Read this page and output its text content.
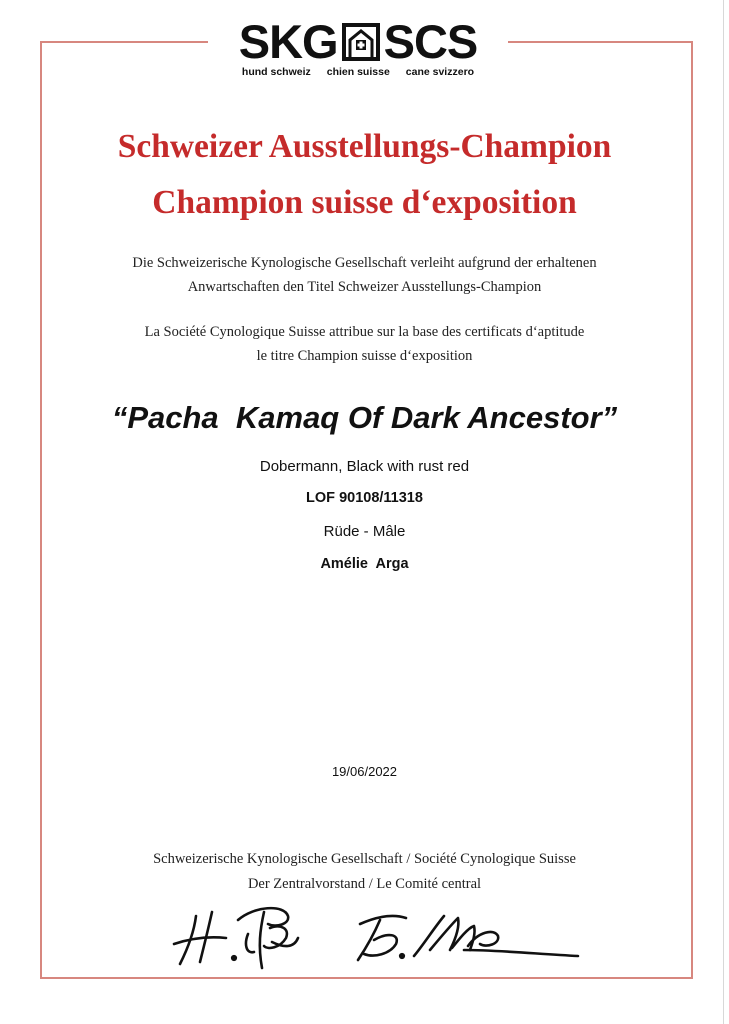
SKG SCS
hund schweiz chien suisse cane svizzero
Schweizer Ausstellungs-Champion
Champion suisse d‘exposition
Die Schweizerische Kynologische Gesellschaft verleiht aufgrund der erhaltenen
Anwartschaften den Titel Schweizer Ausstellungs-Champion
La Société Cynologique Suisse attribue sur la base des certificats d‘aptitude
le titre Champion suisse d‘exposition
“Pacha  Kamaq Of Dark Ancestor”
Dobermann, Black with rust red
LOF 90108/11318
Rüde - Mâle
Amélie  Arga
19/06/2022
Schweizerische Kynologische Gesellschaft / Société Cynologique Suisse
Der Zentralvorstand / Le Comité central
